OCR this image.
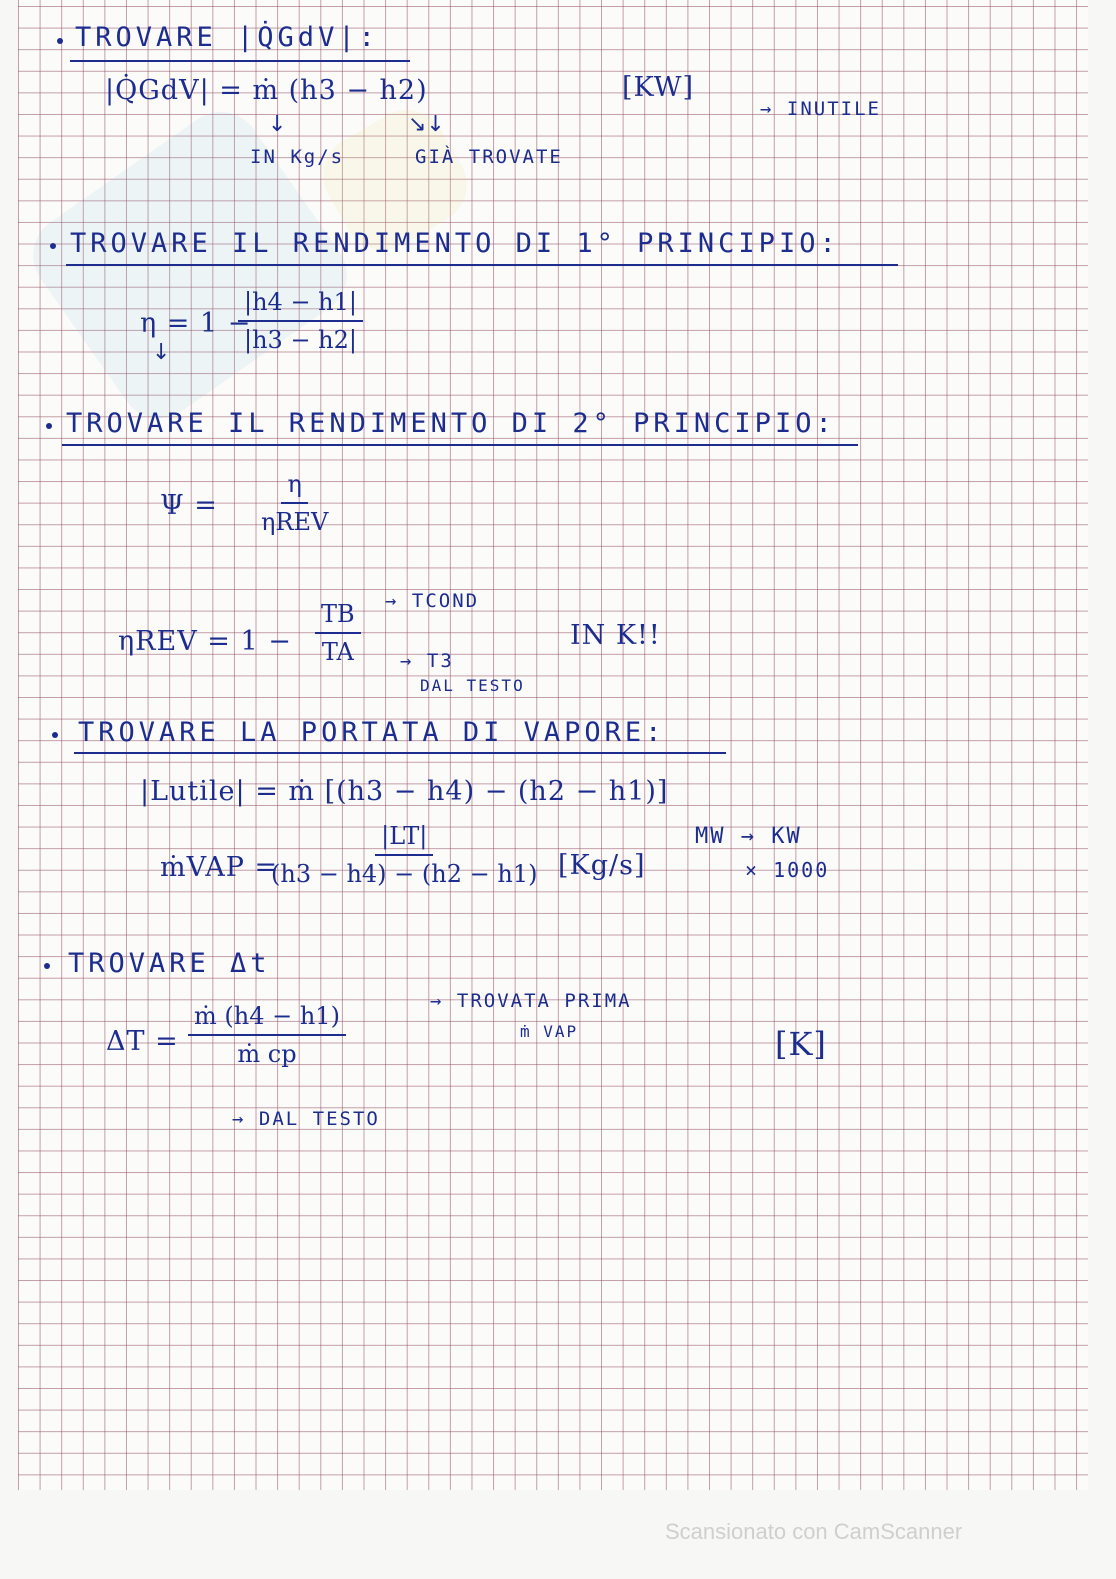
TROVARE |Q̇GdV|:
|Q̇GdV| = ṁ (h3 − h2)	[KW]
→ INUTILE
↓	↘↓
IN Kg/s	GIÀ TROVATE
TROVARE IL RENDIMENTO DI 1° PRINCIPIO:
η = 1 −
$\frac{|h4 - h1|}{|h3 - h2|}$
↓
TROVARE IL RENDIMENTO DI 2° PRINCIPIO:
Ψ =
η
ηREV
$\eta REV = 1 - \frac{TB}{TA}$ → TCOND
→ T3
DAL TESTO
IN K!!
TROVARE LA PORTATA DI VAPORE:
|Lutile| = ṁ [(h3 − h4) − (h2 − h1)]
ṁVAP =
$\frac{|LT|}{(h3 - h4) - (h2 - h1)} [Kg/s]$
MW → KW
× 1000
TROVARE Δt
$\Delta T = \frac{\text{ṁ (h4 − h1)}}{\text{ṁ cp}}$
→ TROVATA PRIMA
ṁ VAP	[K]
→ DAL TESTO
Scansionato con CamScanner
